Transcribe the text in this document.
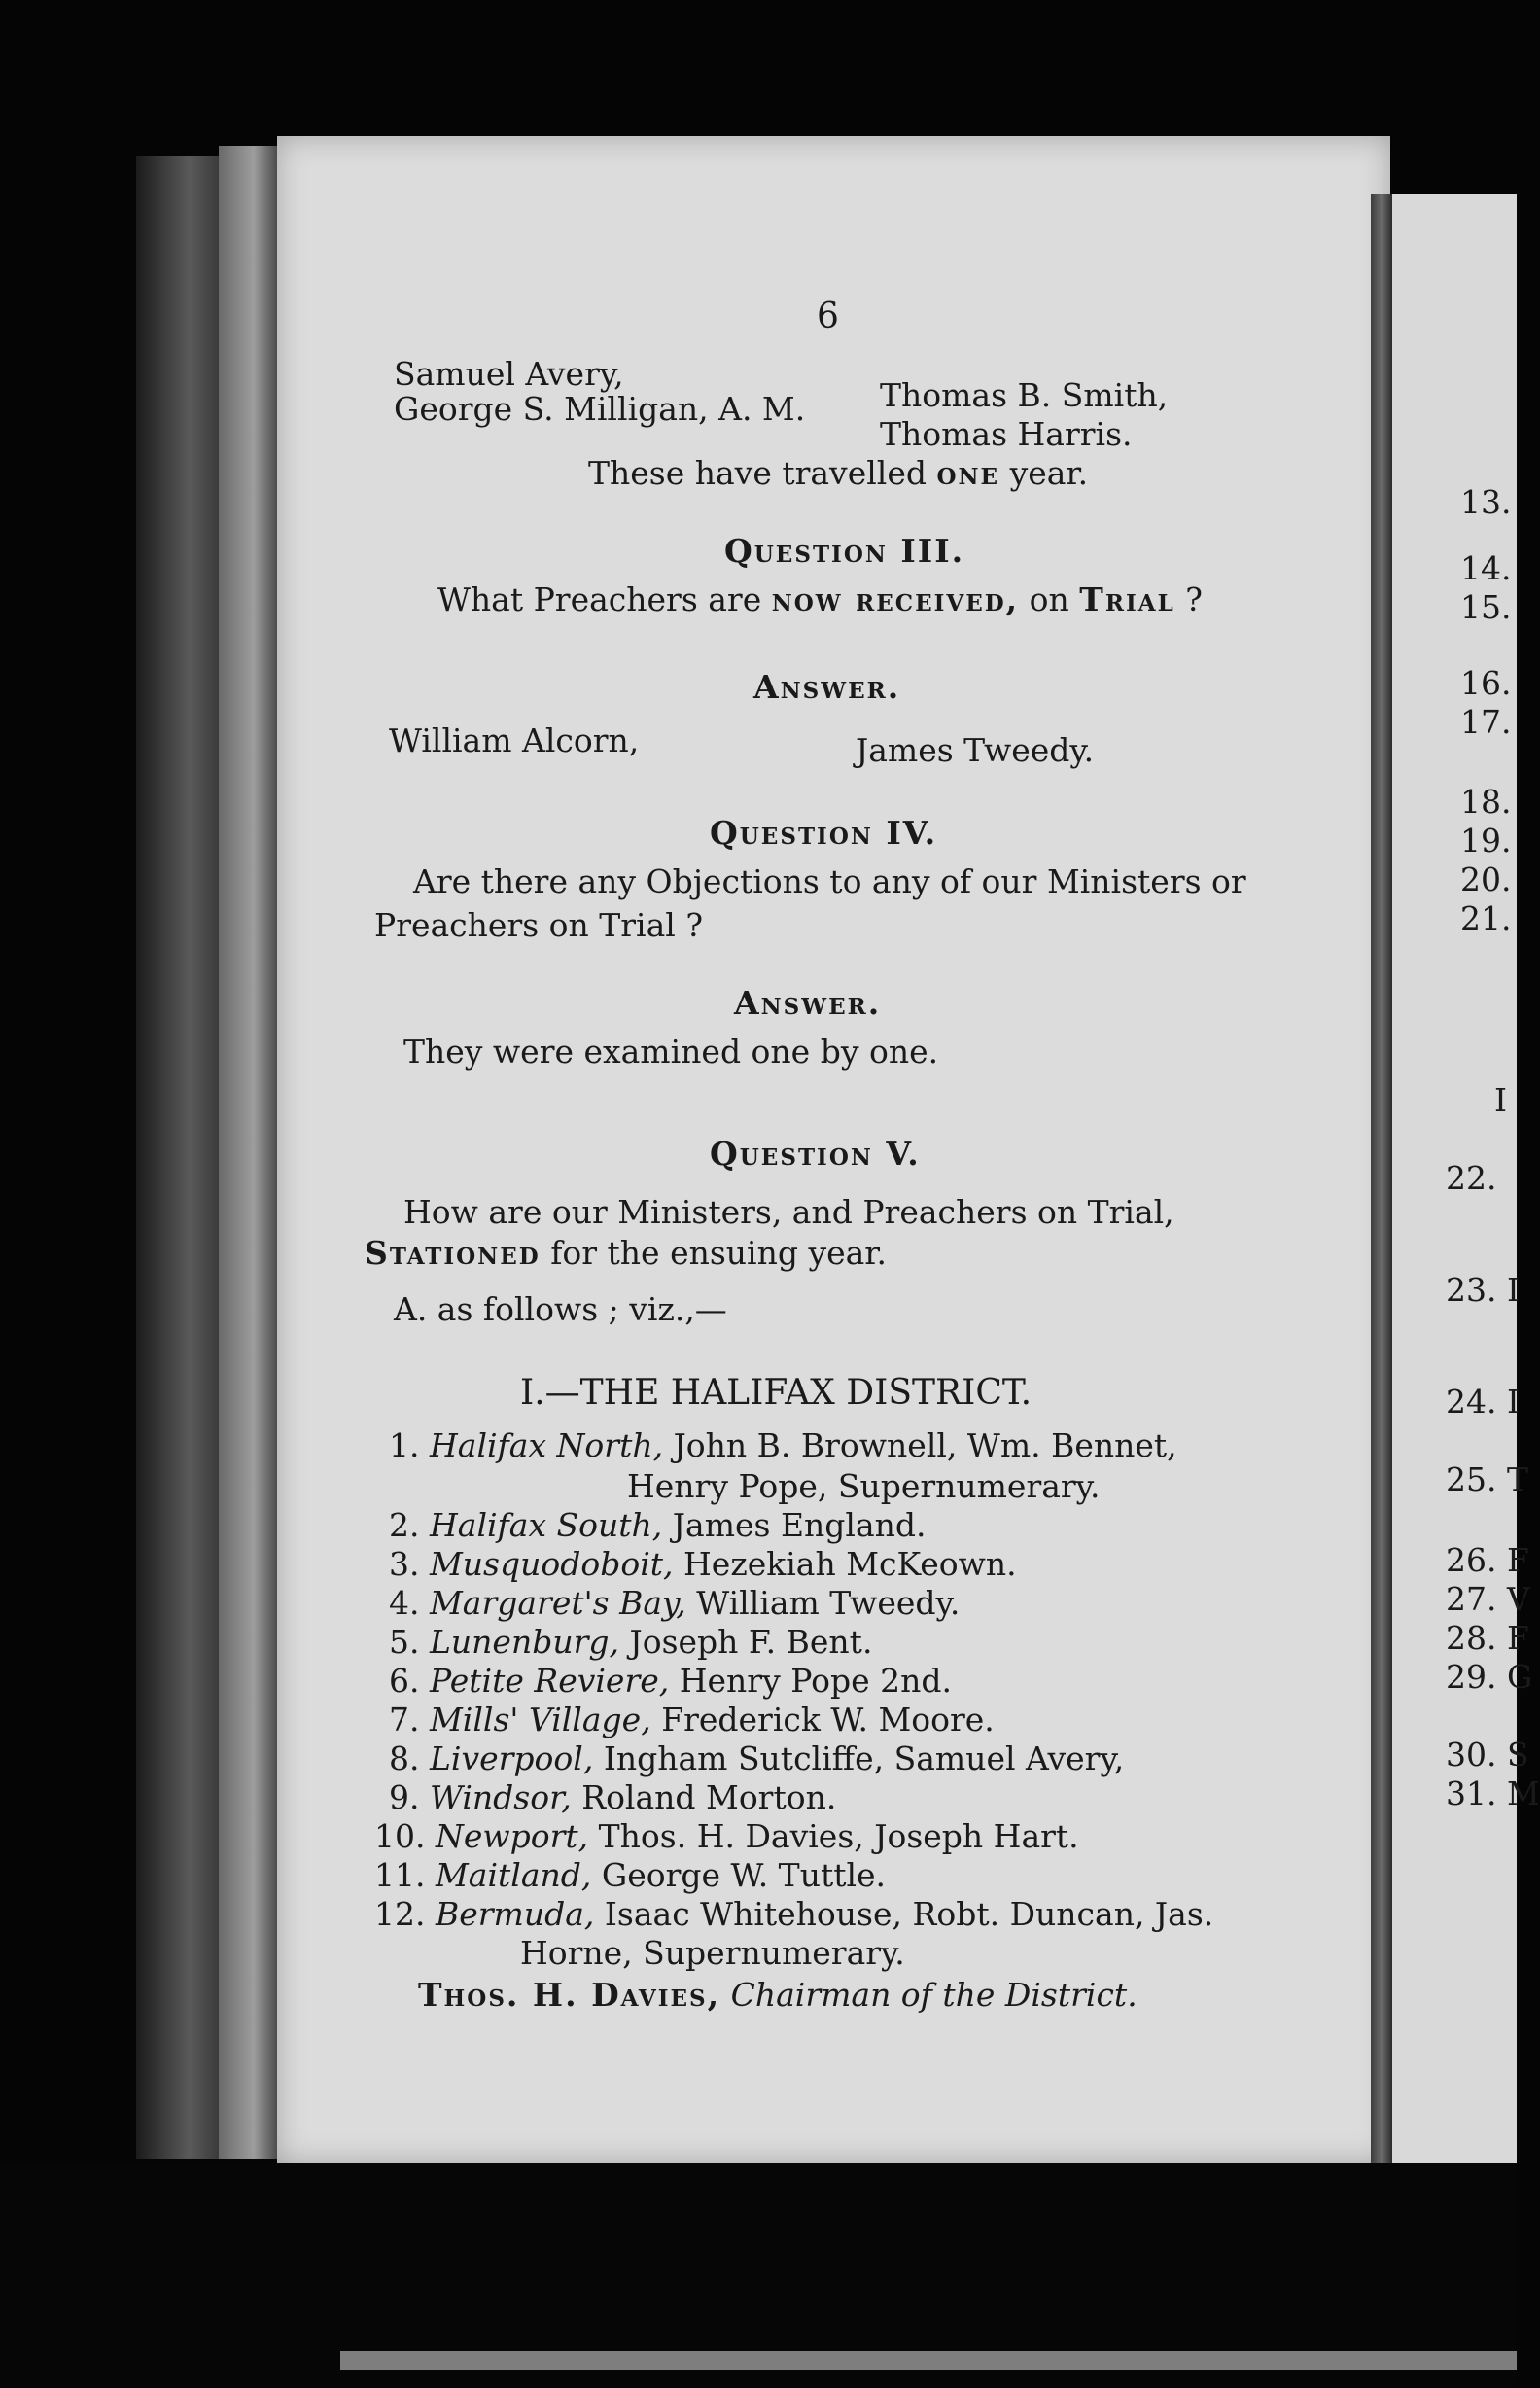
6
Samuel Avery,
George S. Milligan, A. M. Thomas B. Smith,
Thomas Harris.
These have travelled one year.
Question III.
What Preachers are now received, on Trial ?
Answer.
William Alcorn,	James Tweedy.
Question IV.
Are there any Objections to any of our Ministers or
Preachers on Trial ?
Answer.
They were examined one by one.
Question V.
How are our Ministers, and Preachers on Trial,
Stationed for the ensuing year.
A. as follows ; viz.,—
I.—THE HALIFAX DISTRICT.
1. Halifax North, John B. Brownell, Wm. Bennet,
Henry Pope, Supernumerary.
2. Halifax South, James England.
3. Musquodoboit, Hezekiah McKeown.
4. Margaret's Bay, William Tweedy.
5. Lunenburg, Joseph F. Bent.
6. Petite Reviere, Henry Pope 2nd.
7. Mills' Village, Frederick W. Moore.
8. Liverpool, Ingham Sutcliffe, Samuel Avery,
9. Windsor, Roland Morton.
10. Newport, Thos. H. Davies, Joseph Hart.
11. Maitland, George W. Tuttle.
12. Bermuda, Isaac Whitehouse, Robt. Duncan, Jas.
Horne, Supernumerary.
Thos. H. Davies, Chairman of the District.
13.
14.
15.
16.
17.
18.
19.
20.
21.
I
22.
23. I
24. I
25. T
26. F
27. V
28. F
29. G
30. S
31. M
